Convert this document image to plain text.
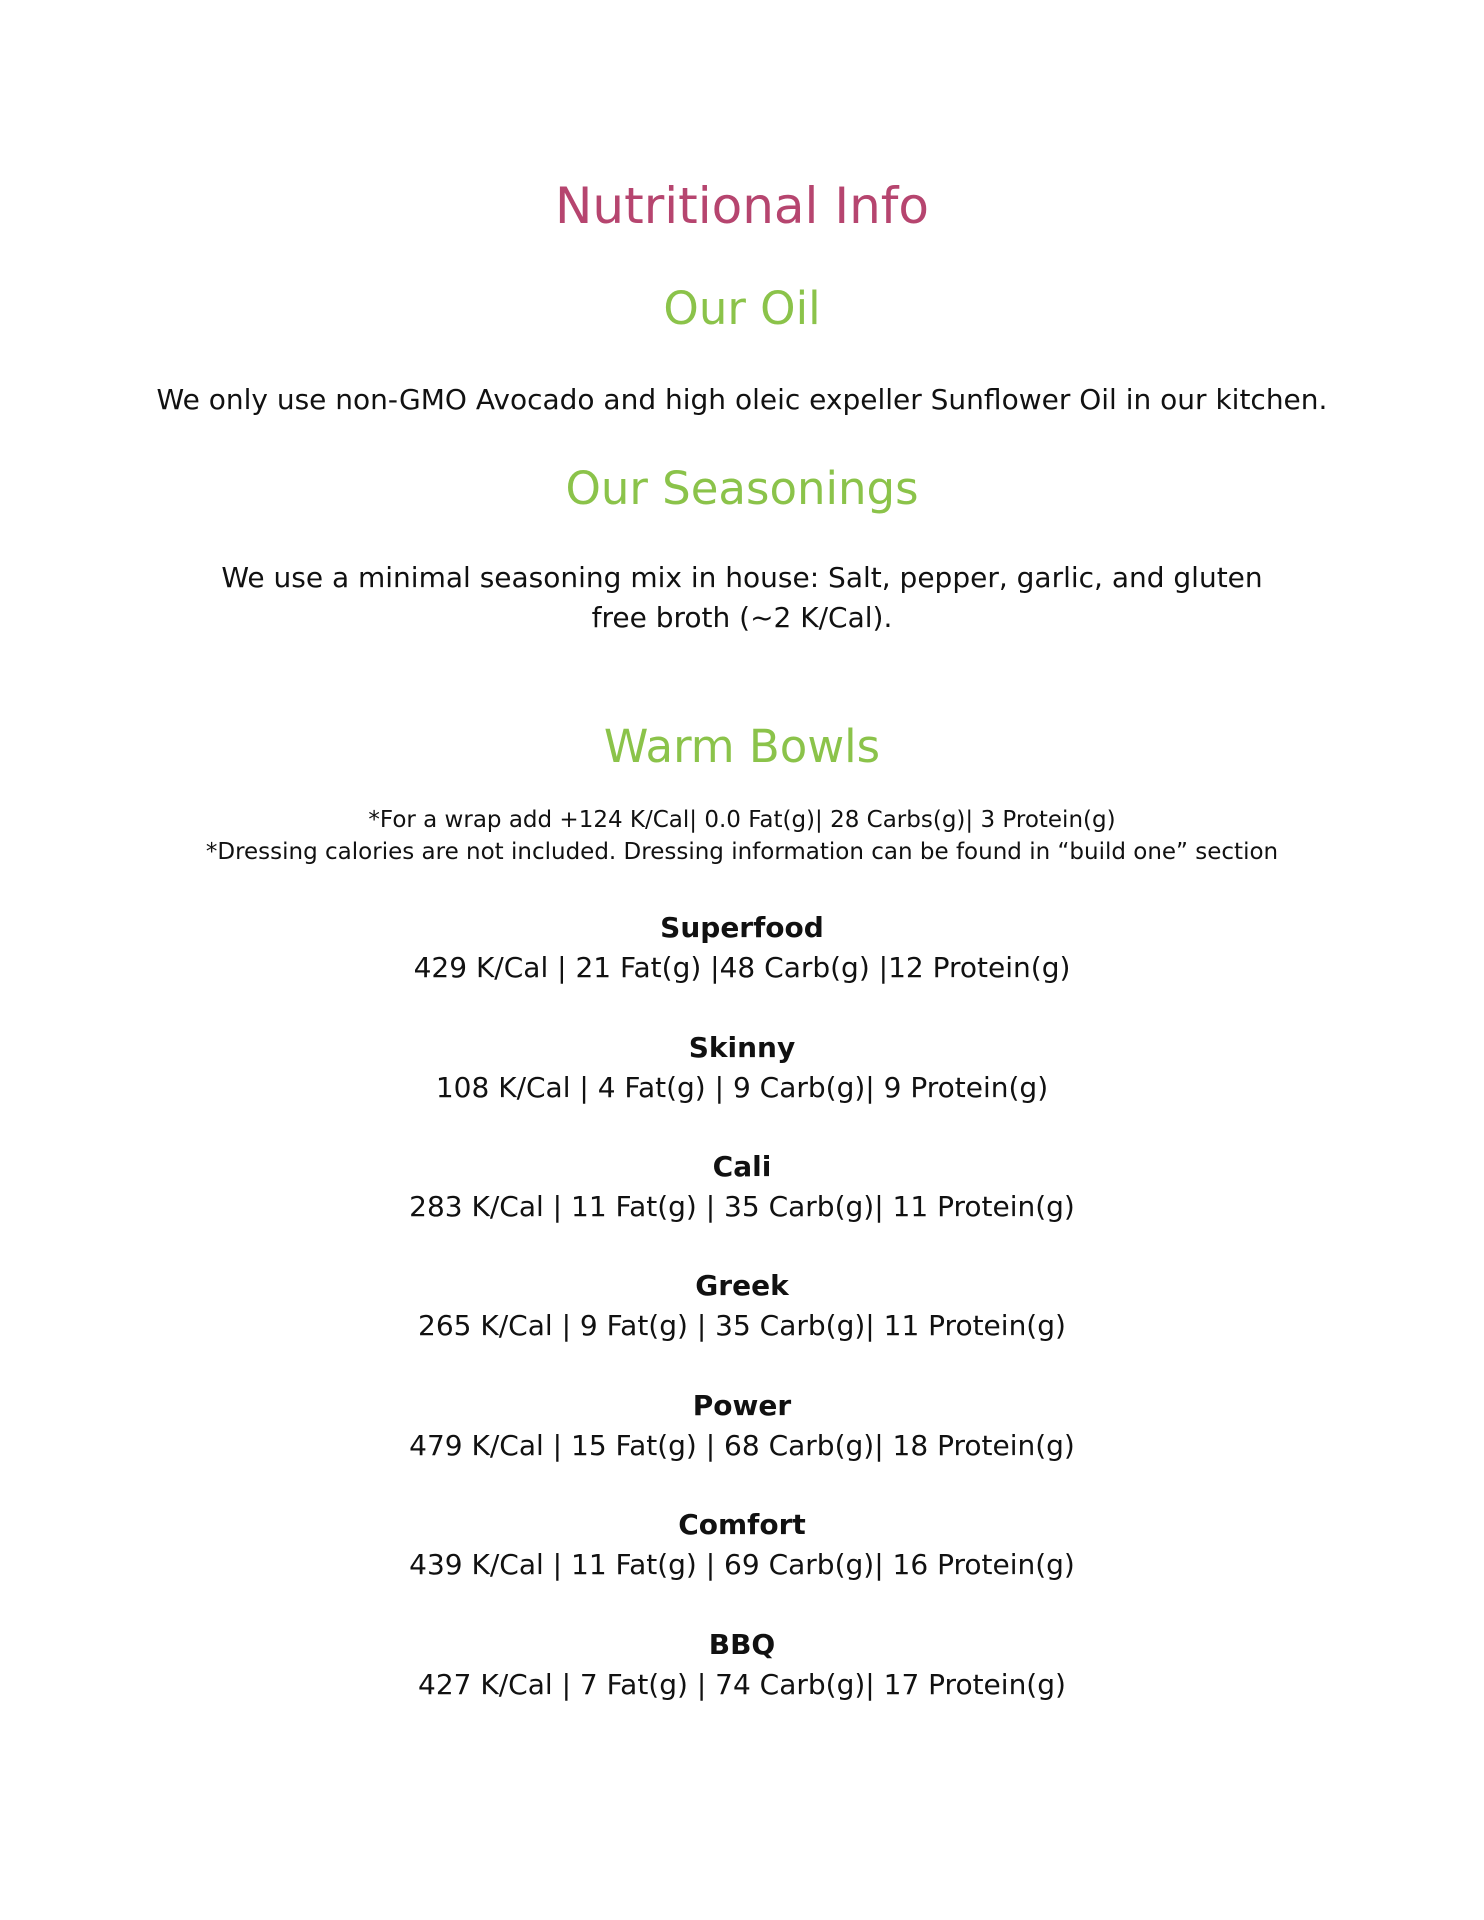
Nutritional Info
Our Oil
We only use non-GMO Avocado and high oleic expeller Sunflower Oil in our kitchen.
Our Seasonings
We use a minimal seasoning mix in house: Salt, pepper, garlic, and gluten free broth (~2 K/Cal).
Warm Bowls
*For a wrap add +124 K/Cal| 0.0 Fat(g)| 28 Carbs(g)| 3 Protein(g)
*Dressing calories are not included. Dressing information can be found in “build one” section
Superfood
429 K/Cal | 21 Fat(g) |48 Carb(g) |12 Protein(g)
Skinny
108 K/Cal | 4 Fat(g) | 9 Carb(g)| 9 Protein(g)
Cali
283 K/Cal | 11 Fat(g) | 35 Carb(g)| 11 Protein(g)
Greek
265 K/Cal | 9 Fat(g) | 35 Carb(g)| 11 Protein(g)
Power
479 K/Cal | 15 Fat(g) | 68 Carb(g)| 18 Protein(g)
Comfort
439 K/Cal | 11 Fat(g) | 69 Carb(g)| 16 Protein(g)
BBQ
427 K/Cal | 7 Fat(g) | 74 Carb(g)| 17 Protein(g)
